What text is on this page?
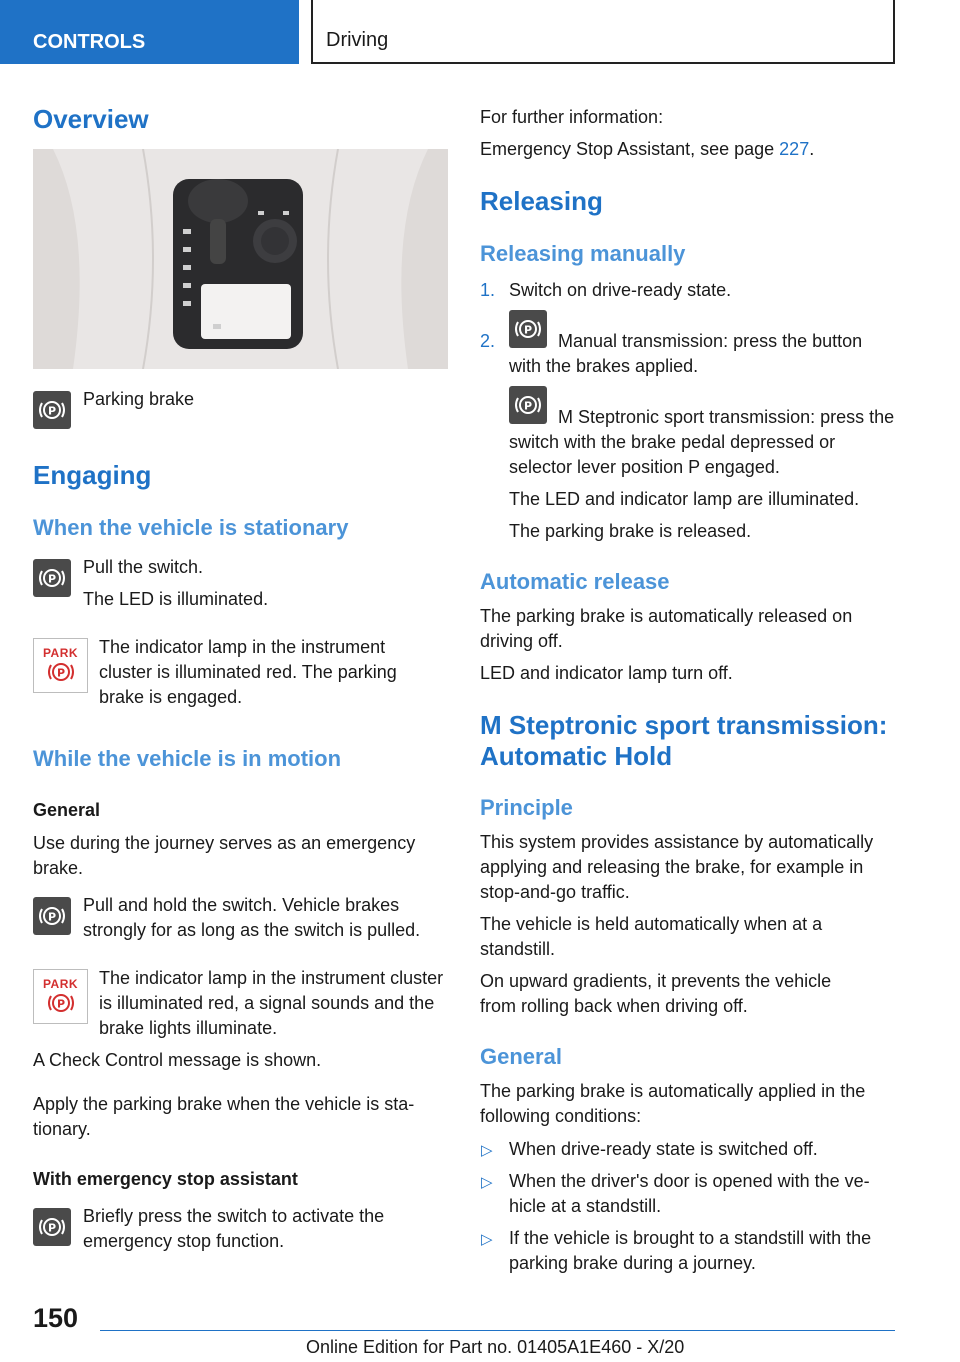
CONTROLS	Driving
Overview
P

Parking brake

Engaging
When the vehicle is stationary
P

Pull the switch.

The LED is illuminated.

PARK
P

The indicator lamp in the instrument cluster is illuminated red. The parking brake is engaged.

While the vehicle is in motion

General

Use during the journey serves as an emergency brake.

P

Pull and hold the switch. Vehicle brakes strongly for as long as the switch is pulled.

PARK
P

The indicator lamp in the instrument cluster is illuminated red, a signal sounds and the brake lights illuminate.

A Check Control message is shown.

Apply the parking brake when the vehicle is sta‐tionary.

With emergency stop assistant

P

Briefly press the switch to activate the emergency stop function.

For further information:

Emergency Stop Assistant, see page 227.

Releasing
Releasing manually
1. Switch on drive-ready state.

2.
P

Manual transmission: press the button with the brakes applied.

P

M Steptronic sport transmission: press the switch with the brake pedal depressed or selector lever position P engaged.

The LED and indicator lamp are illuminated.

The parking brake is released.

Automatic release

The parking brake is automatically released on driving off.

LED and indicator lamp turn off.

M Steptronic sport transmission: Automatic Hold
Principle

This system provides assistance by automatically applying and releasing the brake, for example in stop-and-go traffic.

The vehicle is held automatically when at a standstill.

On upward gradients, it prevents the vehicle from rolling back when driving off.

General

The parking brake is automatically applied in the following conditions:

▷ When drive-ready state is switched off.

▷ When the driver's door is opened with the ve‐hicle at a standstill.

▷ If the vehicle is brought to a standstill with the parking brake during a journey.

150
Online Edition for Part no. 01405A1E460 - X/20
